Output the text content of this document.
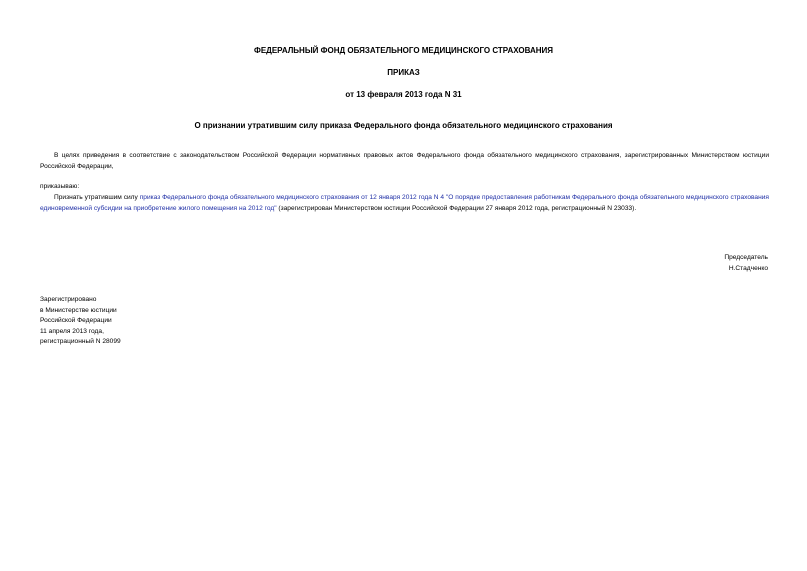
ФЕДЕРАЛЬНЫЙ ФОНД ОБЯЗАТЕЛЬНОГО МЕДИЦИНСКОГО СТРАХОВАНИЯ
ПРИКАЗ
от 13 февраля 2013 года N 31
О признании утратившим силу приказа Федерального фонда обязательного медицинского страхования
В целях приведения в соответствие с законодательством Российской Федерации нормативных правовых актов Федерального фонда обязательного медицинского страхования, зарегистрированных Министерством юстиции Российской Федерации,
приказываю:
Признать утратившим силу приказ Федерального фонда обязательного медицинского страхования от 12 января 2012 года N 4 "О порядке предоставления работникам Федерального фонда обязательного медицинского страхования единовременной субсидии на приобретение жилого помещения на 2012 год" (зарегистрирован Министерством юстиции Российской Федерации 27 января 2012 года, регистрационный N 23033).
Председатель
Н.Стадченко
Зарегистрировано
в Министерстве юстиции
Российской Федерации
11 апреля 2013 года,
регистрационный N 28099
